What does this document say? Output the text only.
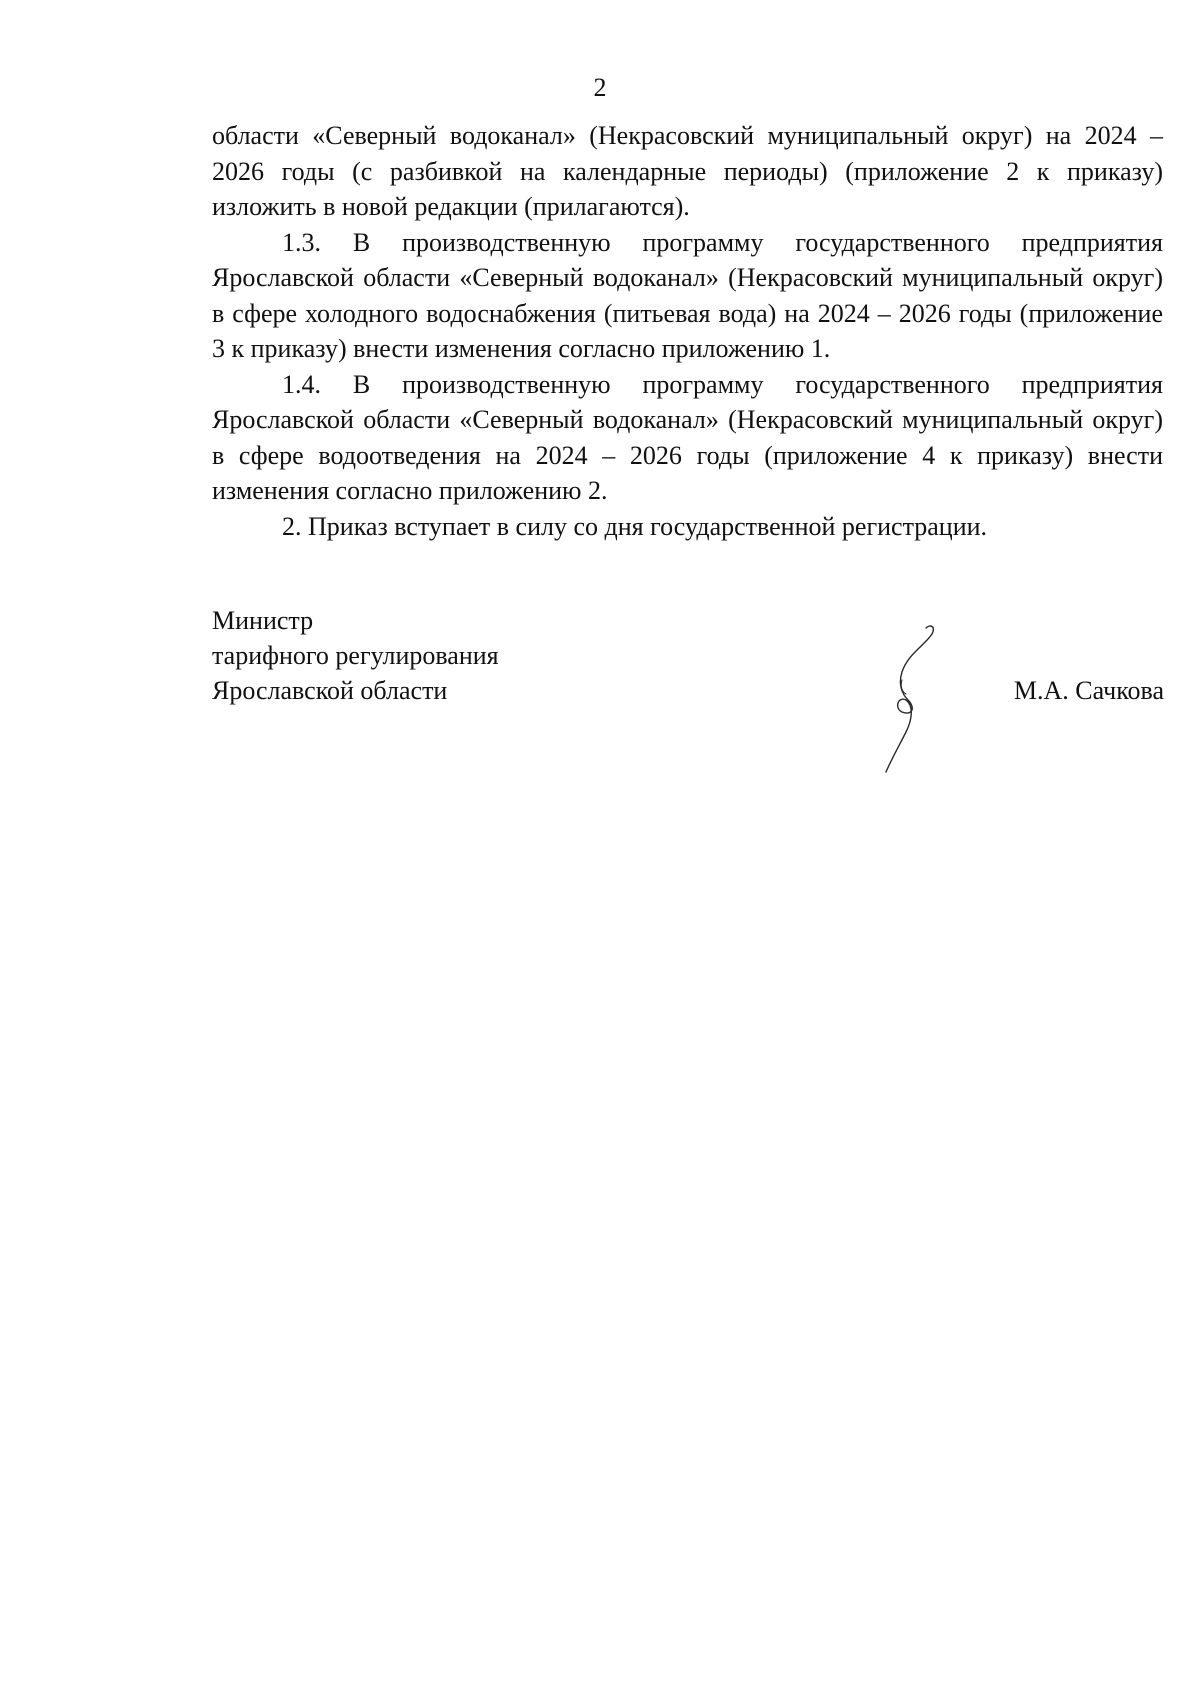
2

области «Северный водоканал» (Некрасовский муниципальный округ) на 2024 – 2026 годы (с разбивкой на календарные периоды) (приложение 2 к приказу) изложить в новой редакции (прилагаются).

1.3. В производственную программу государственного предприятия Ярославской области «Северный водоканал» (Некрасовский муниципальный округ) в сфере холодного водоснабжения (питьевая вода) на 2024 – 2026 годы (приложение 3 к приказу) внести изменения согласно приложению 1.

1.4. В производственную программу государственного предприятия Ярославской области «Северный водоканал» (Некрасовский муниципальный округ) в сфере водоотведения на 2024 – 2026 годы (приложение 4 к приказу) внести изменения согласно приложению 2.

2. Приказ вступает в силу со дня государственной регистрации.

Министр
тарифного регулирования
Ярославской области	М.А. Сачкова
